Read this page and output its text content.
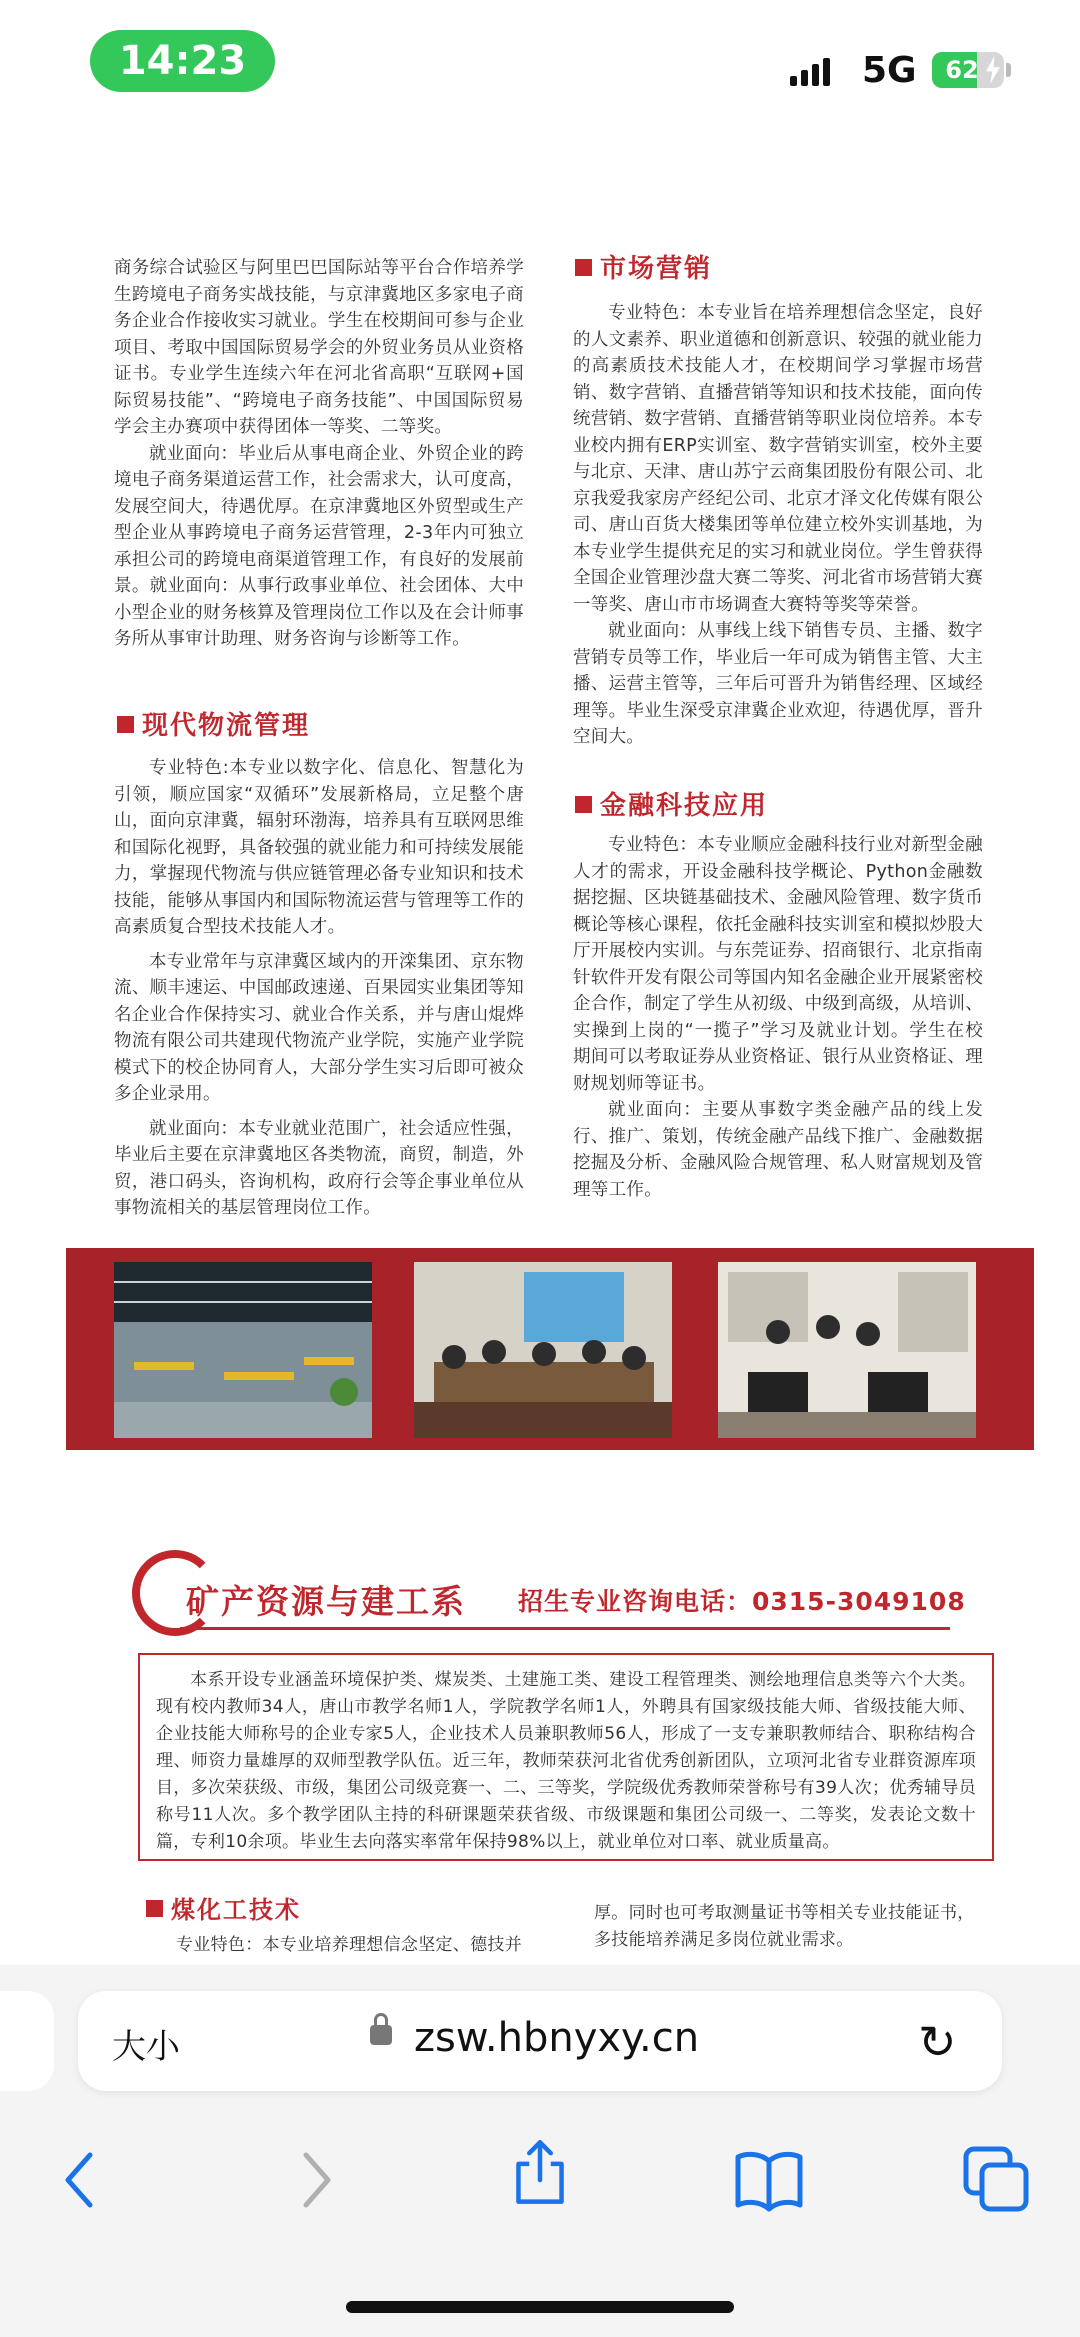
14:23	5G	62

商务综合试验区与阿里巴巴国际站等平台合作培养学生跨境电子商务实战技能，与京津冀地区多家电子商务企业合作接收实习就业。学生在校期间可参与企业项目、考取中国国际贸易学会的外贸业务员从业资格证书。专业学生连续六年在河北省高职“互联网+国际贸易技能”、“跨境电子商务技能”、中国国际贸易学会主办赛项中获得团体一等奖、二等奖。

就业面向：毕业后从事电商企业、外贸企业的跨境电子商务渠道运营工作，社会需求大，认可度高，发展空间大，待遇优厚。在京津冀地区外贸型或生产型企业从事跨境电子商务运营管理，2-3年内可独立承担公司的跨境电商渠道管理工作，有良好的发展前景。就业面向：从事行政事业单位、社会团体、大中小型企业的财务核算及管理岗位工作以及在会计师事务所从事审计助理、财务咨询与诊断等工作。

现代物流管理

专业特色:本专业以数字化、信息化、智慧化为引领，顺应国家“双循环”发展新格局，立足整个唐山，面向京津冀，辐射环渤海，培养具有互联网思维和国际化视野，具备较强的就业能力和可持续发展能力，掌握现代物流与供应链管理必备专业知识和技术技能，能够从事国内和国际物流运营与管理等工作的高素质复合型技术技能人才。

本专业常年与京津冀区域内的开滦集团、京东物流、顺丰速运、中国邮政速递、百果园实业集团等知名企业合作保持实习、就业合作关系，并与唐山焜烨物流有限公司共建现代物流产业学院，实施产业学院模式下的校企协同育人，大部分学生实习后即可被众多企业录用。

就业面向：本专业就业范围广，社会适应性强，毕业后主要在京津冀地区各类物流，商贸，制造，外贸，港口码头，咨询机构，政府行会等企事业单位从事物流相关的基层管理岗位工作。

市场营销

专业特色：本专业旨在培养理想信念坚定，良好的人文素养、职业道德和创新意识、较强的就业能力的高素质技术技能人才，在校期间学习掌握市场营销、数字营销、直播营销等知识和技术技能，面向传统营销、数字营销、直播营销等职业岗位培养。本专业校内拥有ERP实训室、数字营销实训室，校外主要与北京、天津、唐山苏宁云商集团股份有限公司、北京我爱我家房产经纪公司、北京才泽文化传媒有限公司、唐山百货大楼集团等单位建立校外实训基地，为本专业学生提供充足的实习和就业岗位。学生曾获得全国企业管理沙盘大赛二等奖、河北省市场营销大赛一等奖、唐山市市场调查大赛特等奖等荣誉。

就业面向：从事线上线下销售专员、主播、数字营销专员等工作，毕业后一年可成为销售主管、大主播、运营主管等，三年后可晋升为销售经理、区域经理等。毕业生深受京津冀企业欢迎，待遇优厚，晋升空间大。

金融科技应用

专业特色：本专业顺应金融科技行业对新型金融人才的需求，开设金融科技学概论、Python金融数据挖掘、区块链基础技术、金融风险管理、数字货币概论等核心课程，依托金融科技实训室和模拟炒股大厅开展校内实训。与东莞证券、招商银行、北京指南针软件开发有限公司等国内知名金融企业开展紧密校企合作，制定了学生从初级、中级到高级，从培训、实操到上岗的“一揽子”学习及就业计划。学生在校期间可以考取证券从业资格证、银行从业资格证、理财规划师等证书。

就业面向：主要从事数字类金融产品的线上发行、推广、策划，传统金融产品线下推广、金融数据挖掘及分析、金融风险合规管理、私人财富规划及管理等工作。

矿产资源与建工系 招生专业咨询电话：0315-3049108
本系开设专业涵盖环境保护类、煤炭类、土建施工类、建设工程管理类、测绘地理信息类等六个大类。现有校内教师34人，唐山市教学名师1人，学院教学名师1人，外聘具有国家级技能大师、省级技能大师、企业技能大师称号的企业专家5人，企业技术人员兼职教师56人，形成了一支专兼职教师结合、职称结构合理、师资力量雄厚的双师型教学队伍。近三年，教师荣获河北省优秀创新团队，立项河北省专业群资源库项目，多次荣获级、市级，集团公司级竞赛一、二、三等奖，学院级优秀教师荣誉称号有39人次；优秀辅导员称号11人次。多个教学团队主持的科研课题荣获省级、市级课题和集团公司级一、二等奖，发表论文数十篇，专利10余项。毕业生去向落实率常年保持98%以上，就业单位对口率、就业质量高。
煤化工技术
专业特色：本专业培养理想信念坚定、德技并

厚。同时也可考取测量证书等相关专业技能证书，

多技能培养满足多岗位就业需求。

大小	zsw.hbnyxy.cn	↻
